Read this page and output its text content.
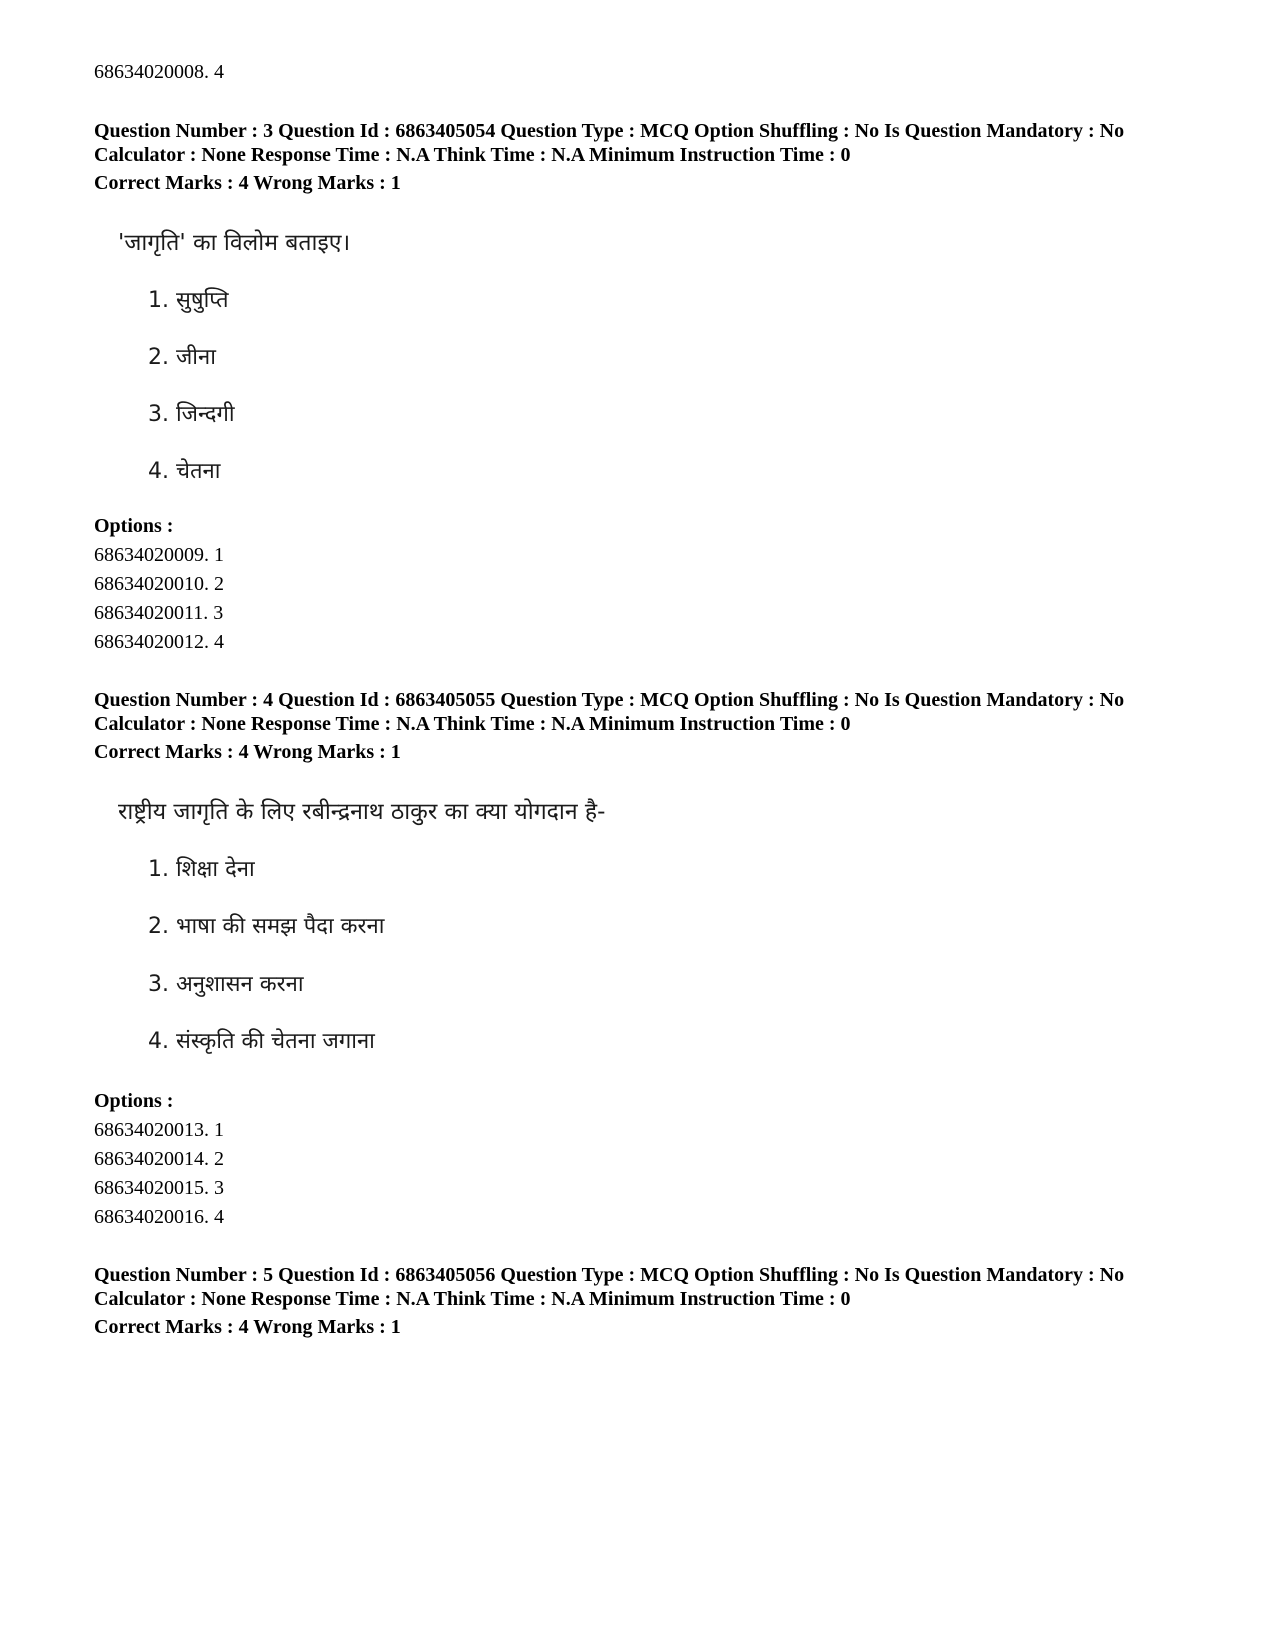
68634020008. 4
Question Number : 3 Question Id : 6863405054 Question Type : MCQ Option Shuffling : No Is Question Mandatory : No
Calculator : None Response Time : N.A Think Time : N.A Minimum Instruction Time : 0
Correct Marks : 4 Wrong Marks : 1
'जागृति' का विलोम बताइए।
1. सुषुप्ति
2. जीना
3. जिन्दगी
4. चेतना
Options :
68634020009. 1
68634020010. 2
68634020011. 3
68634020012. 4
Question Number : 4 Question Id : 6863405055 Question Type : MCQ Option Shuffling : No Is Question Mandatory : No
Calculator : None Response Time : N.A Think Time : N.A Minimum Instruction Time : 0
Correct Marks : 4 Wrong Marks : 1
राष्ट्रीय जागृति के लिए रबीन्द्रनाथ ठाकुर का क्या योगदान है-
1. शिक्षा देना
2. भाषा की समझ पैदा करना
3. अनुशासन करना
4. संस्कृति की चेतना जगाना
Options :
68634020013. 1
68634020014. 2
68634020015. 3
68634020016. 4
Question Number : 5 Question Id : 6863405056 Question Type : MCQ Option Shuffling : No Is Question Mandatory : No
Calculator : None Response Time : N.A Think Time : N.A Minimum Instruction Time : 0
Correct Marks : 4 Wrong Marks : 1
